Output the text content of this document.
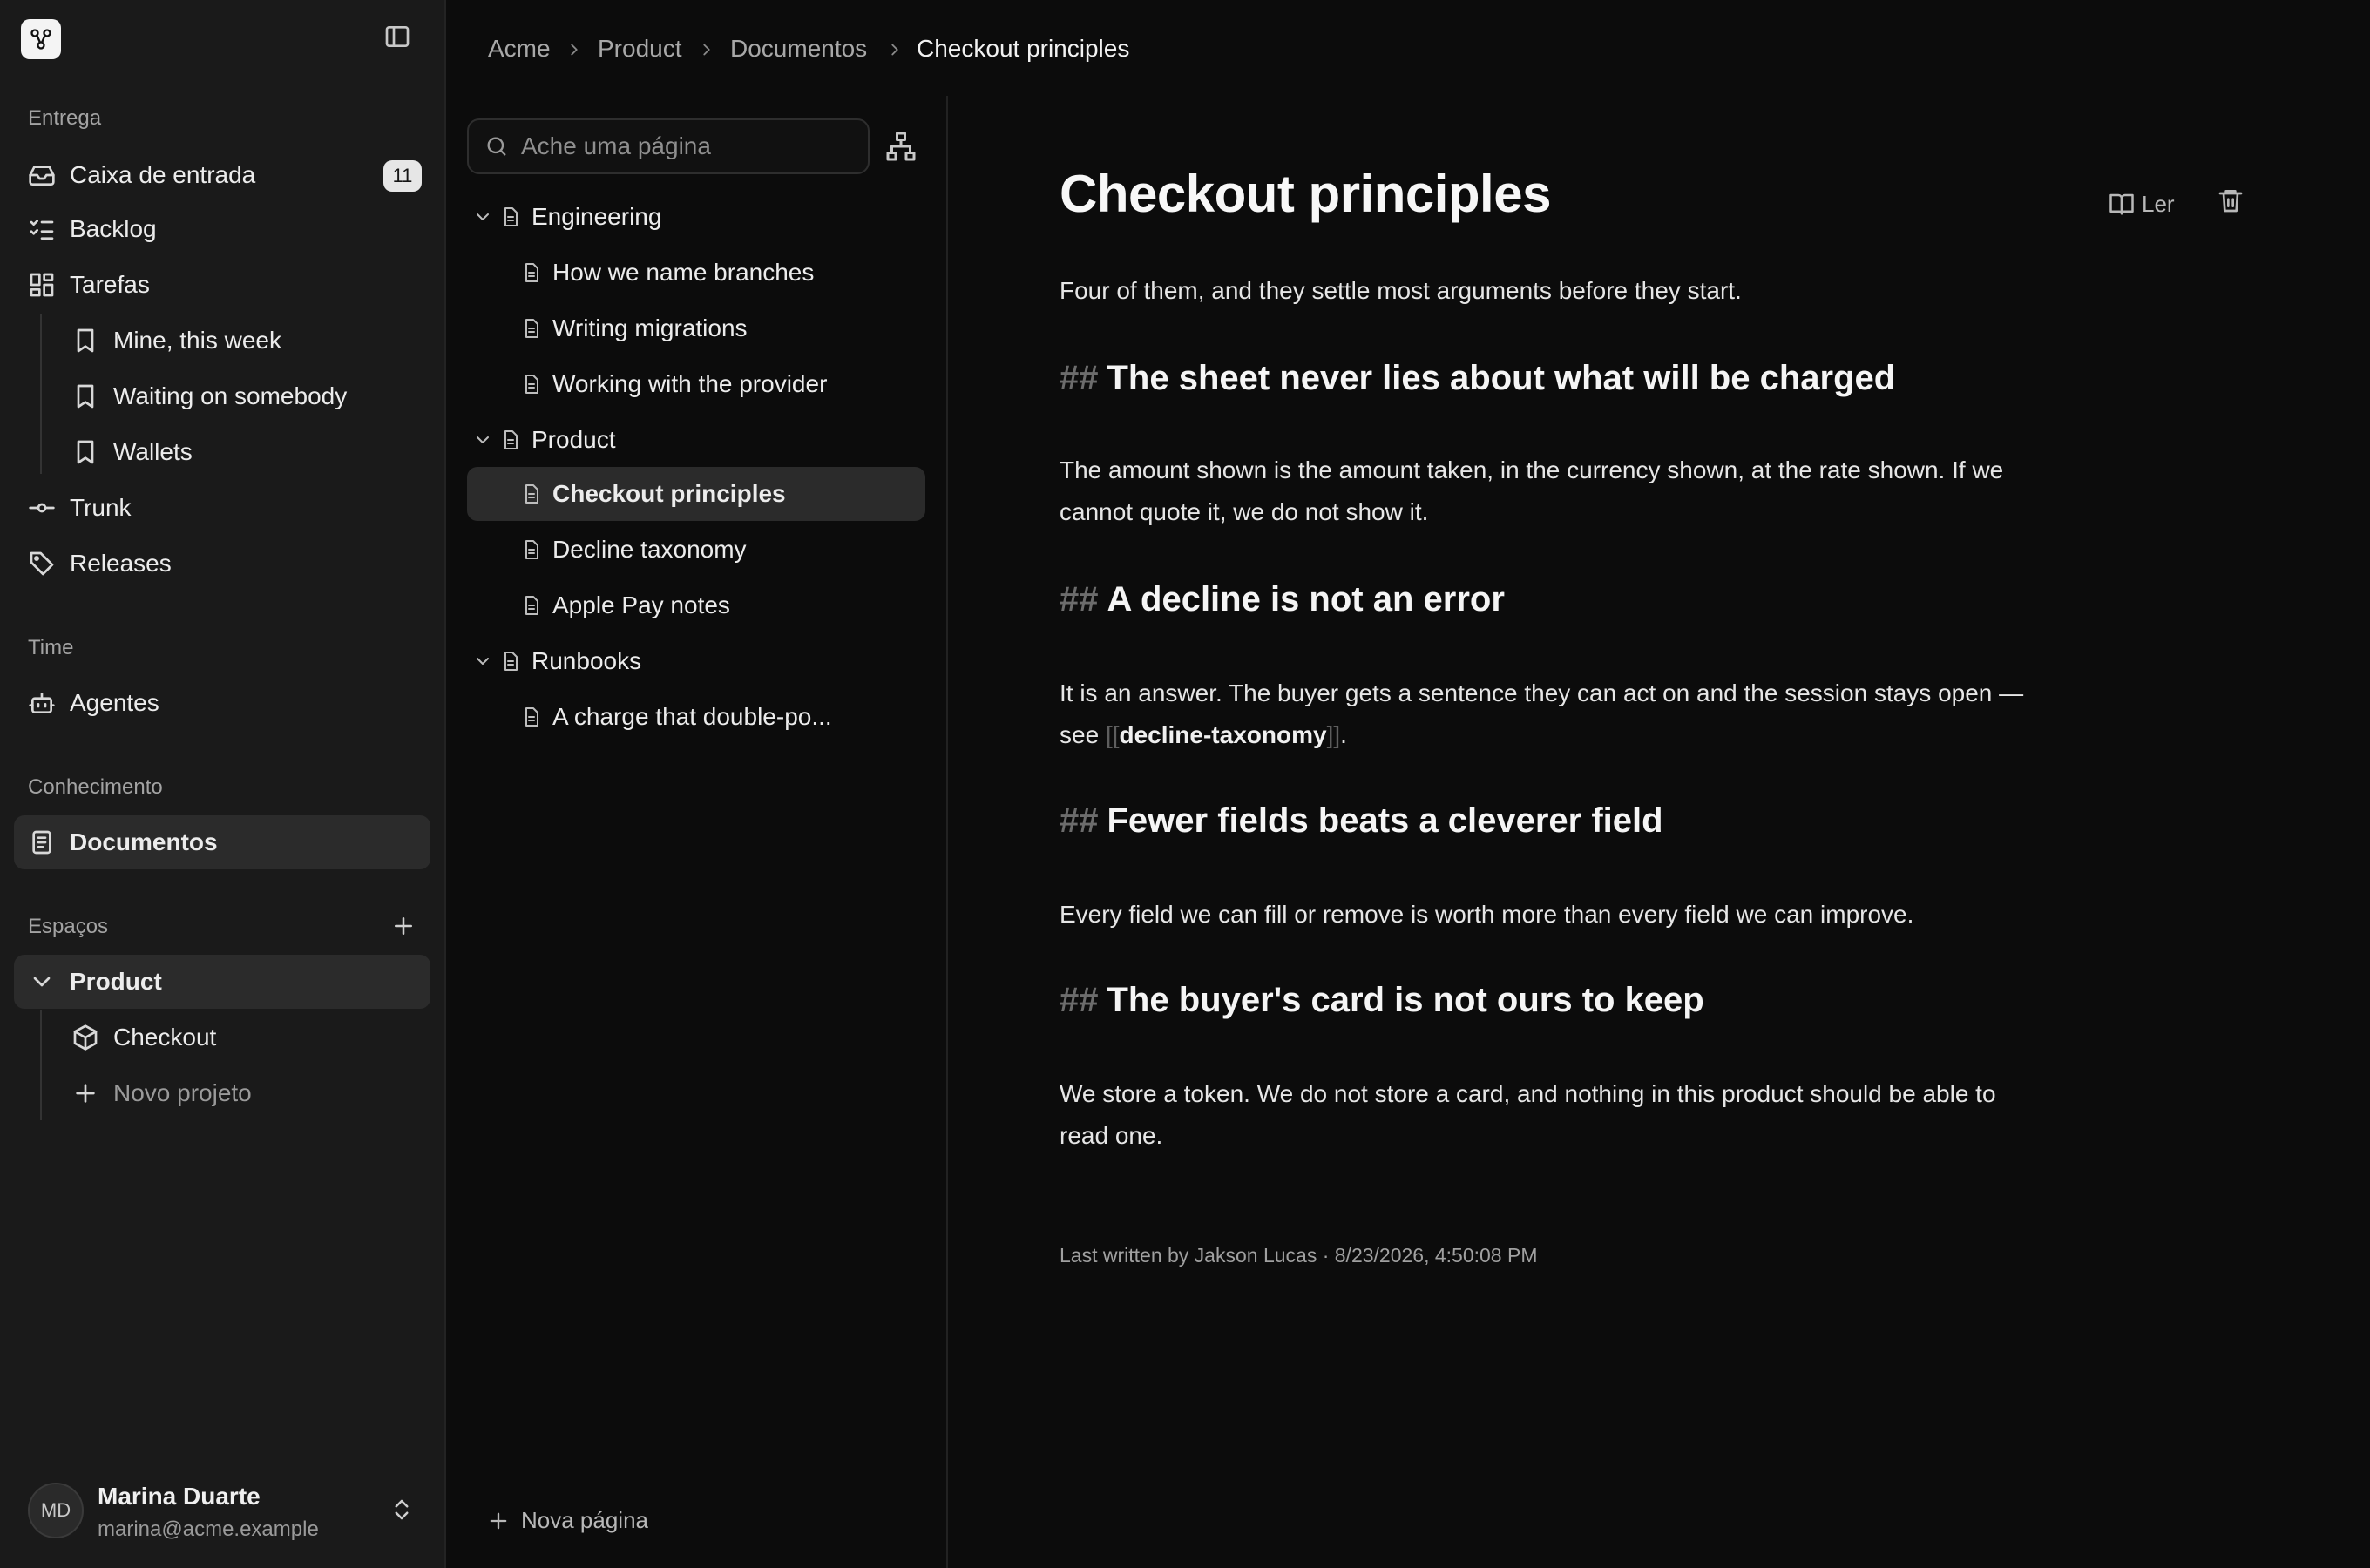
Entrega
Caixa de entrada	11
Backlog
Tarefas
Mine, this week
Waiting on somebody
Wallets
Trunk
Releases
Time
Agentes
Conhecimento
Documentos
Espaços
Product
Checkout
Novo projeto
MD
Marina Duarte
marina@acme.example
Acme Product Documentos Checkout principles
Ache uma página
Engineering
How we name branches
Writing migrations
Working with the provider
Product
Checkout principles
Decline taxonomy
Apple Pay notes
Runbooks
A charge that double-po...
Nova página
Checkout principles	Ler
Four of them, and they settle most arguments before they start.
## The sheet never lies about what will be charged
The amount shown is the amount taken, in the currency shown, at the rate shown. If we cannot quote it, we do not show it.
## A decline is not an error
It is an answer. The buyer gets a sentence they can act on and the session stays open — see [[decline-taxonomy]].
## Fewer fields beats a cleverer field
Every field we can fill or remove is worth more than every field we can improve.
## The buyer's card is not ours to keep
We store a token. We do not store a card, and nothing in this product should be able to read one.
Last written by Jakson Lucas · 8/23/2026, 4:50:08 PM
